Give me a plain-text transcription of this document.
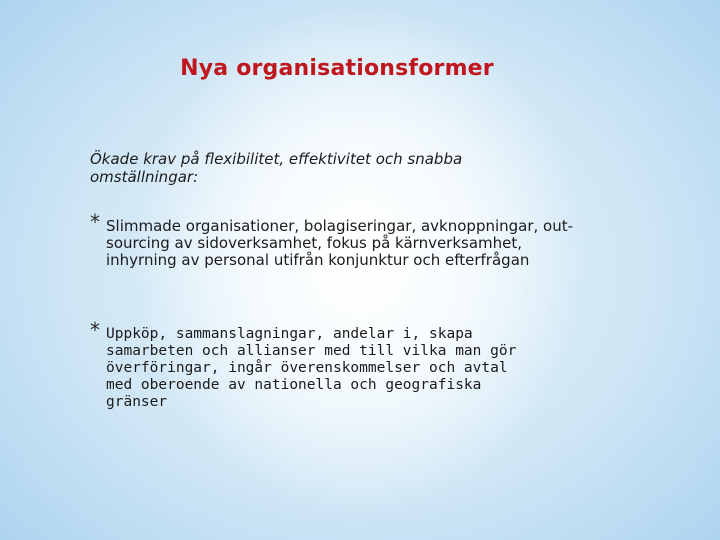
Nya organisationsformer
Ökade krav på flexibilitet, effektivitet och snabba omställningar:
* Slimmade organisationer, bolagiseringar, avknoppningar, out-sourcing av sidoverksamhet, fokus på kärnverksamhet, inhyrning av personal utifrån konjunktur och efterfrågan
* Uppköp, sammanslagningar, andelar i, skapa samarbeten och allianser med till vilka man gör överföringar, ingår överenskommelser och avtal med oberoende av nationella och geografiska gränser
